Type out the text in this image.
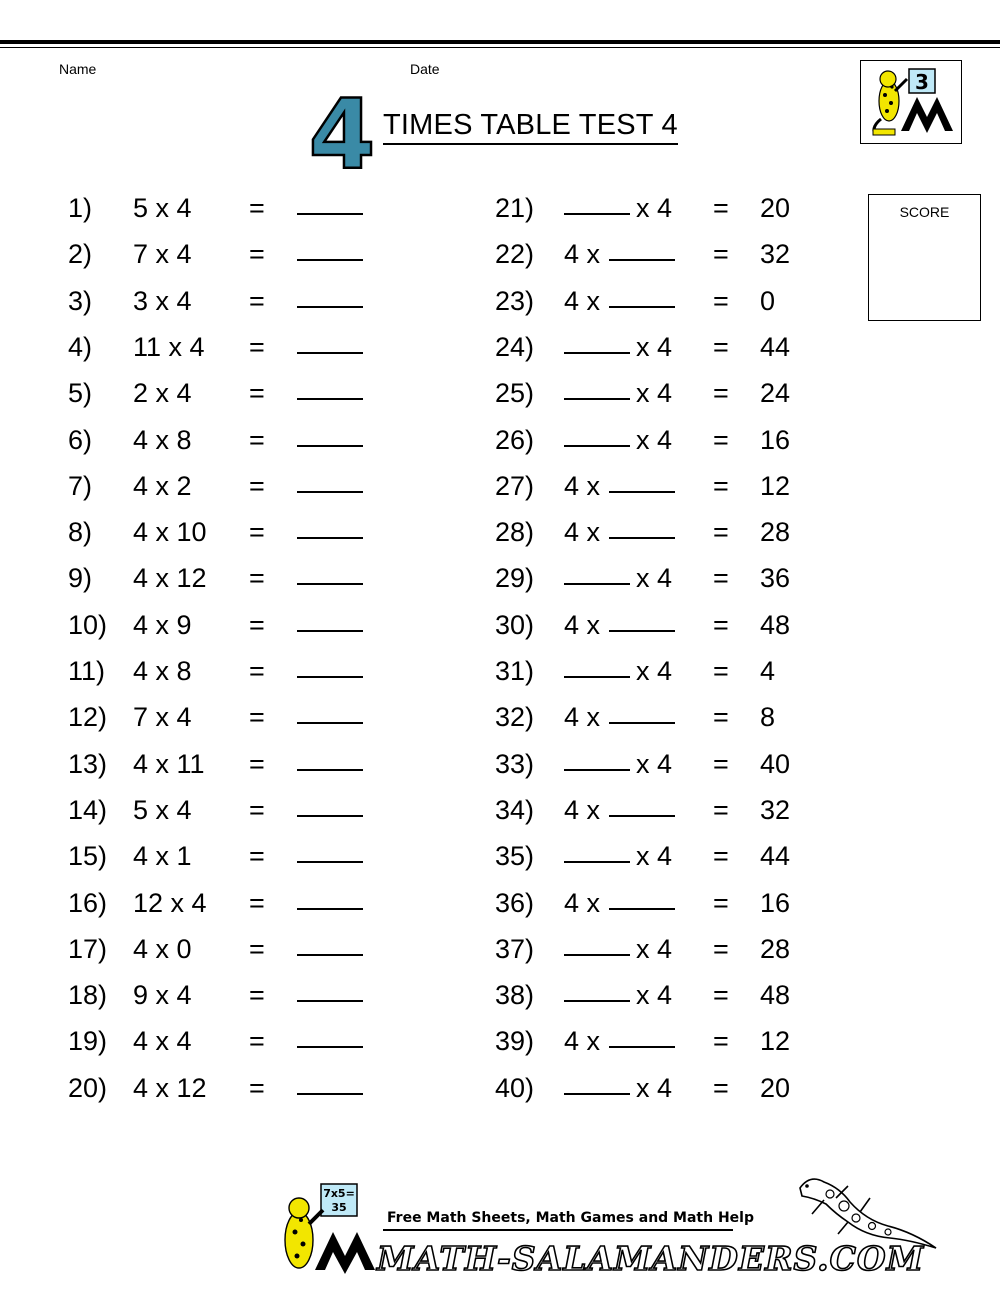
Name	Date
4 TIMES TABLE TEST 4
3
SCORE
1) 5 x 4 =
2) 7 x 4 =
3) 3 x 4 =
4) 11 x 4 =
5) 2 x 4 =
6) 4 x 8 =
7) 4 x 2 =
8) 4 x 10 =
9) 4 x 12 =
10) 4 x 9 =
11) 4 x 8 =
12) 7 x 4 =
13) 4 x 11 =
14) 5 x 4 =
15) 4 x 1 =
16) 12 x 4 =
17) 4 x 0 =
18) 9 x 4 =
19) 4 x 4 =
20) 4 x 12 =
21)	x 4 = 20
22) 4 x	= 32
23) 4 x	= 0
24)	x 4 = 44
25)	x 4 = 24
26)	x 4 = 16
27) 4 x	= 12
28) 4 x	= 28
29)	x 4 = 36
30) 4 x	= 48
31)	x 4 = 4
32) 4 x	= 8
33)	x 4 = 40
34) 4 x	= 32
35)	x 4 = 44
36) 4 x	= 16
37)	x 4 = 28
38)	x 4 = 48
39) 4 x	= 12
40)	x 4 = 20
7x5=
35
Free Math Sheets, Math Games and Math Help
MATH-SALAMANDERS.COM
